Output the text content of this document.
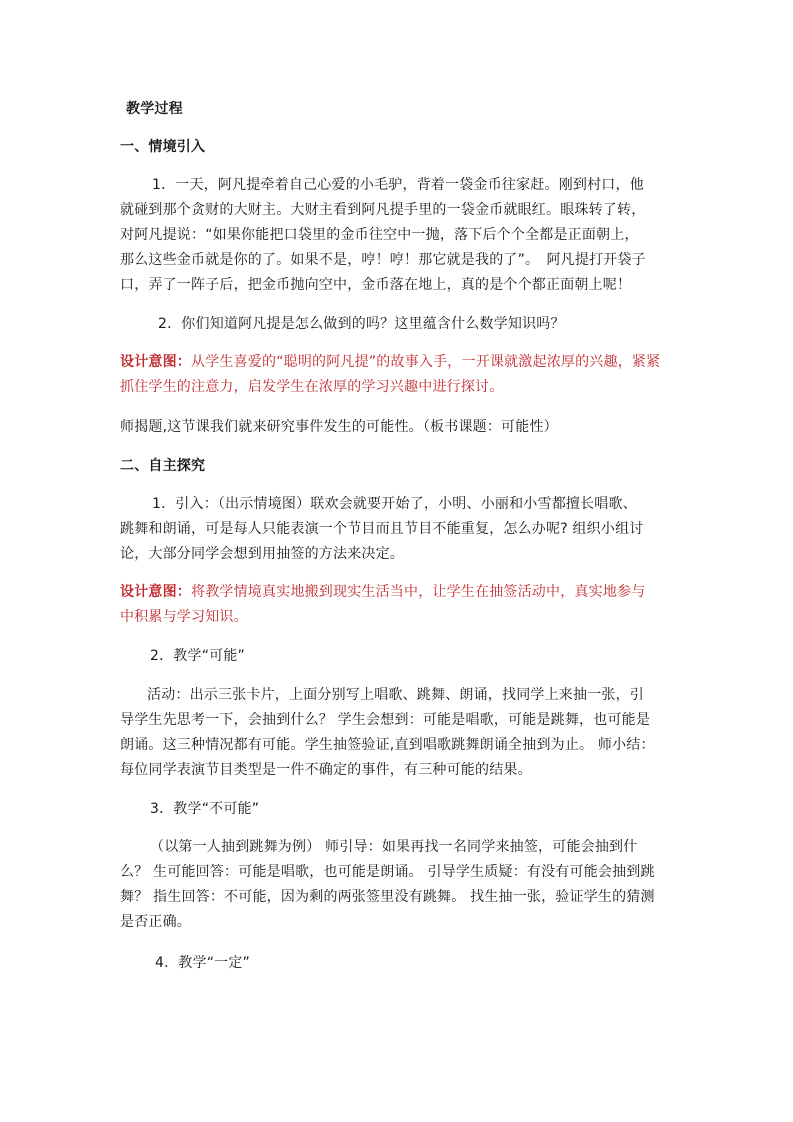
教学过程
一、情境引入
1．一天，阿凡提牵着自己心爱的小毛驴，背着一袋金币往家赶。刚到村口，他
就碰到那个贪财的大财主。大财主看到阿凡提手里的一袋金币就眼红。眼珠转了转，
对阿凡提说：“如果你能把口袋里的金币往空中一抛，落下后个个全都是正面朝上，
那么这些金币就是你的了。如果不是，哼！哼！那它就是我的了”。　阿凡提打开袋子
口，弄了一阵子后，把金币抛向空中，金币落在地上，真的是个个都正面朝上呢！
2．你们知道阿凡提是怎么做到的吗？这里蕴含什么数学知识吗？
设计意图：从学生喜爱的“聪明的阿凡提”的故事入手，一开课就激起浓厚的兴趣，紧紧
抓住学生的注意力，启发学生在浓厚的学习兴趣中进行探讨。
师揭题,这节课我们就来研究事件发生的可能性。（板书课题：可能性）
二、自主探究
1．引入：（出示情境图）联欢会就要开始了，小明、小丽和小雪都擅长唱歌、
跳舞和朗诵，可是每人只能表演一个节目而且节目不能重复，怎么办呢? 组织小组讨
论，大部分同学会想到用抽签的方法来决定。
设计意图：将教学情境真实地搬到现实生活当中，让学生在抽签活动中，真实地参与
中积累与学习知识。
2．教学“可能”
活动：出示三张卡片，上面分别写上唱歌、跳舞、朗诵，找同学上来抽一张，引
导学生先思考一下，会抽到什么？ 学生会想到：可能是唱歌，可能是跳舞，也可能是
朗诵。这三种情况都有可能。学生抽签验证,直到唱歌跳舞朗诵全抽到为止。 师小结：
每位同学表演节目类型是一件不确定的事件，有三种可能的结果。
3．教学“不可能”
（以第一人抽到跳舞为例） 师引导：如果再找一名同学来抽签，可能会抽到什
么？ 生可能回答：可能是唱歌，也可能是朗诵。 引导学生质疑：有没有可能会抽到跳
舞？ 指生回答：不可能，因为剩的两张签里没有跳舞。 找生抽一张，验证学生的猜测
是否正确。
4．教学“一定”
